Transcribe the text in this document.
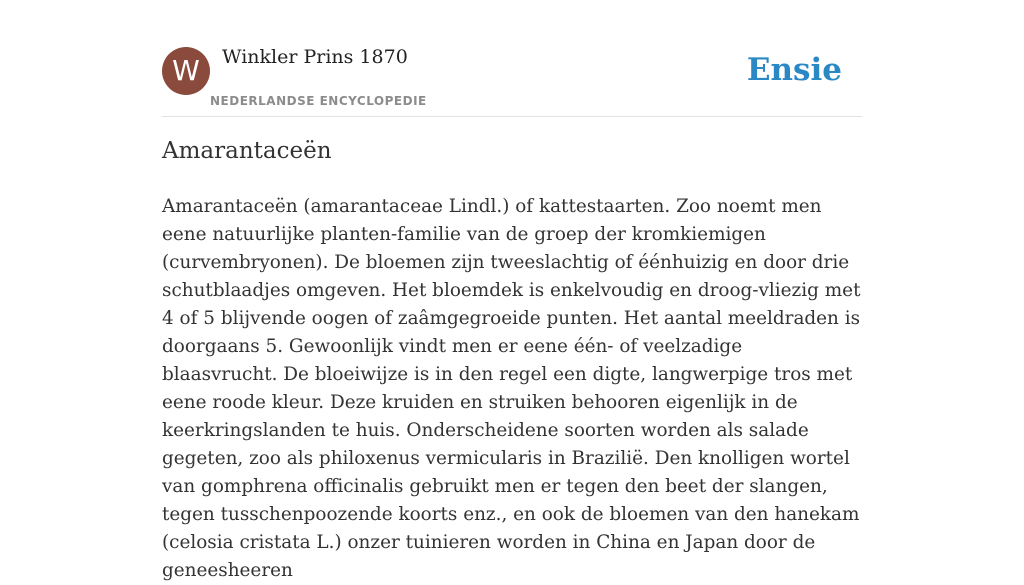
W	Winkler Prins 1870
NEDERLANDSE ENCYCLOPEDIE
Ensie
Amarantaceën

Amarantaceën (amarantaceae Lindl.) of kattestaarten. Zoo noemt men eene natuurlijke planten-familie van de groep der kromkiemigen (curvembryonen). De bloemen zijn tweeslachtig of éénhuizig en door drie schutblaadjes omgeven. Het bloemdek is enkelvoudig en droog-vliezig met 4 of 5 blijvende oogen of zaâmgegroeide punten. Het aantal meeldraden is doorgaans 5. Gewoonlijk vindt men er eene één- of veelzadige blaasvrucht. De bloeiwijze is in den regel een digte, langwerpige tros met eene roode kleur. Deze kruiden en struiken behooren eigenlijk in de keerkringslanden te huis. Onderscheidene soorten worden als salade gegeten, zoo als philoxenus vermicularis in Brazilië. Den knolligen wortel van gomphrena officinalis gebruikt men er tegen den beet der slangen, tegen tusschenpoozende koorts enz., en ook de bloemen van den hanekam (celosia cristata L.) onzer tuinieren worden in China en Japan door de geneesheeren
